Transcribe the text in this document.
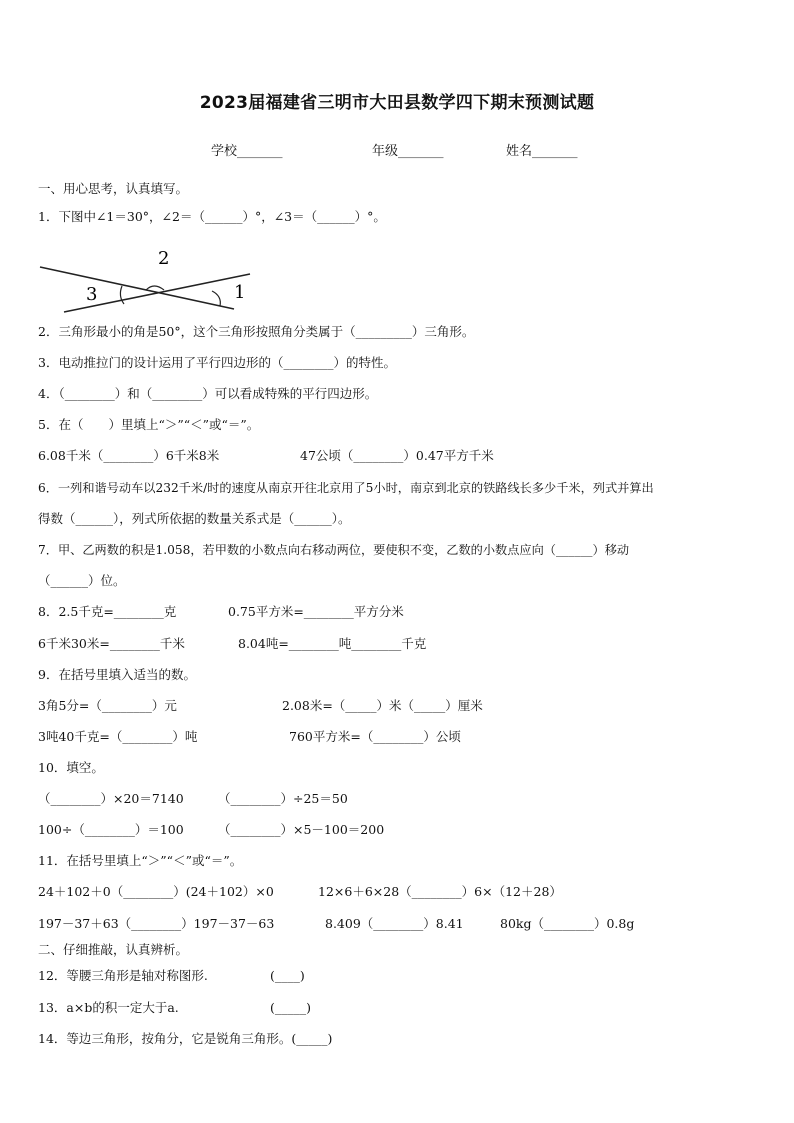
2023届福建省三明市大田县数学四下期末预测试题
学校_______	年级_______	姓名_______
一、用心思考，认真填写。
1．下图中∠1＝30°，∠2＝（______）°，∠3＝（______）°。
3
2
1
2．三角形最小的角是50°，这个三角形按照角分类属于（_________）三角形。
3．电动推拉门的设计运用了平行四边形的（________）的特性。
4．（________）和（________）可以看成特殊的平行四边形。
5．在（　　）里填上“＞”“＜”或“＝”。
6.08千米（________）6千米8米	47公顷（________）0.47平方千米
6．一列和谐号动车以232千米/时的速度从南京开往北京用了5小时，南京到北京的铁路线长多少千米，列式并算出
得数（______），列式所依据的数量关系式是（______）。
7．甲、乙两数的积是1.058，若甲数的小数点向右移动两位，要使积不变，乙数的小数点应向（______）移动
（______）位。
8．2.5千克=________克	0.75平方米=________平方分米
6千米30米=________千米	8.04吨=________吨________千克
9．在括号里填入适当的数。
3角5分=（________）元	2.08米=（_____）米（_____）厘米
3吨40千克=（________）吨	760平方米=（________）公顷
10．填空。
（________）×20＝7140	（________）÷25＝50
100÷（________）＝100	（________）×5－100＝200
11．在括号里填上“＞”“＜”或“＝”。
24＋102＋0（________）(24＋102）×0	12×6＋6×28（________）6×（12＋28）
197－37＋63（________）197－37－63	8.409（________）8.41	80kg（________）0.8g
二、仔细推敲，认真辨析。
12．等腰三角形是轴对称图形.	(____)
13．a×b的积一定大于a.	(_____)
14．等边三角形，按角分，它是锐角三角形。(_____)
